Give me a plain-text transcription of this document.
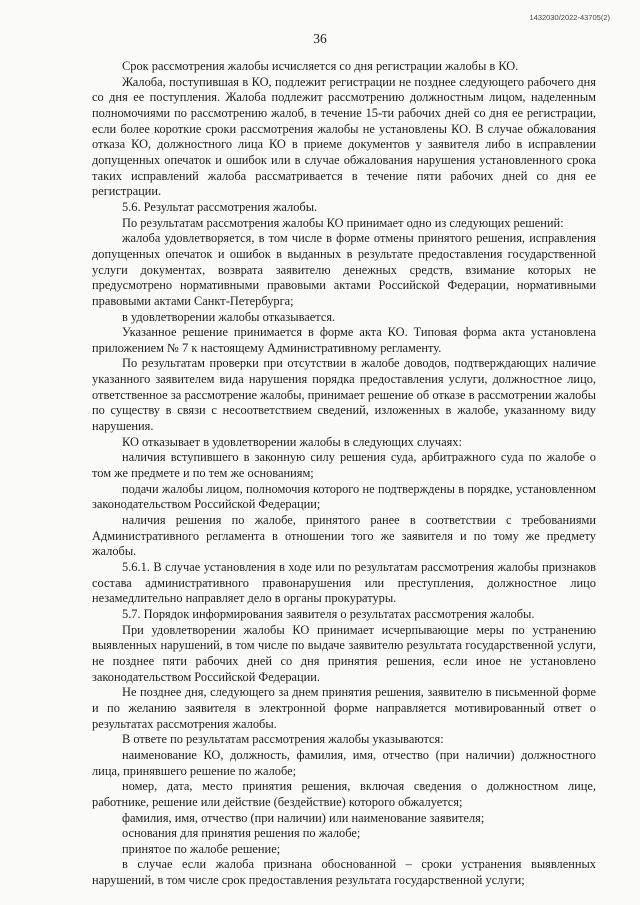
1432030/2022-43705(2)
36

Срок рассмотрения жалобы исчисляется со дня регистрации жалобы в КО.

Жалоба, поступившая в КО, подлежит регистрации не позднее следующего рабочего дня со дня ее поступления. Жалоба подлежит рассмотрению должностным лицом, наделенным полномочиями по рассмотрению жалоб, в течение 15-ти рабочих дней со дня ее регистрации, если более короткие сроки рассмотрения жалобы не установлены КО. В случае обжалования отказа КО, должностного лица КО в приеме документов у заявителя либо в исправлении допущенных опечаток и ошибок или в случае обжалования нарушения установленного срока таких исправлений жалоба рассматривается в течение пяти рабочих дней со дня ее регистрации.

5.6. Результат рассмотрения жалобы.

По результатам рассмотрения жалобы КО принимает одно из следующих решений:

жалоба удовлетворяется, в том числе в форме отмены принятого решения, исправления допущенных опечаток и ошибок в выданных в результате предоставления государственной услуги документах, возврата заявителю денежных средств, взимание которых не предусмотрено нормативными правовыми актами Российской Федерации, нормативными правовыми актами Санкт-Петербурга;

в удовлетворении жалобы отказывается.

Указанное решение принимается в форме акта КО. Типовая форма акта установлена приложением № 7 к настоящему Административному регламенту.

По результатам проверки при отсутствии в жалобе доводов, подтверждающих наличие указанного заявителем вида нарушения порядка предоставления услуги, должностное лицо, ответственное за рассмотрение жалобы, принимает решение об отказе в рассмотрении жалобы по существу в связи с несоответствием сведений, изложенных в жалобе, указанному виду нарушения.

КО отказывает в удовлетворении жалобы в следующих случаях:

наличия вступившего в законную силу решения суда, арбитражного суда по жалобе о том же предмете и по тем же основаниям;

подачи жалобы лицом, полномочия которого не подтверждены в порядке, установленном законодательством Российской Федерации;

наличия решения по жалобе, принятого ранее в соответствии с требованиями Административного регламента в отношении того же заявителя и по тому же предмету жалобы.

5.6.1. В случае установления в ходе или по результатам рассмотрения жалобы признаков состава административного правонарушения или преступления, должностное лицо незамедлительно направляет дело в органы прокуратуры.

5.7. Порядок информирования заявителя о результатах рассмотрения жалобы.

При удовлетворении жалобы КО принимает исчерпывающие меры по устранению выявленных нарушений, в том числе по выдаче заявителю результата государственной услуги, не позднее пяти рабочих дней со дня принятия решения, если иное не установлено законодательством Российской Федерации.

Не позднее дня, следующего за днем принятия решения, заявителю в письменной форме и по желанию заявителя в электронной форме направляется мотивированный ответ о результатах рассмотрения жалобы.

В ответе по результатам рассмотрения жалобы указываются:

наименование КО, должность, фамилия, имя, отчество (при наличии) должностного лица, принявшего решение по жалобе;

номер, дата, место принятия решения, включая сведения о должностном лице, работнике, решение или действие (бездействие) которого обжалуется;

фамилия, имя, отчество (при наличии) или наименование заявителя;

основания для принятия решения по жалобе;

принятое по жалобе решение;

в случае если жалоба признана обоснованной – сроки устранения выявленных нарушений, в том числе срок предоставления результата государственной услуги;
